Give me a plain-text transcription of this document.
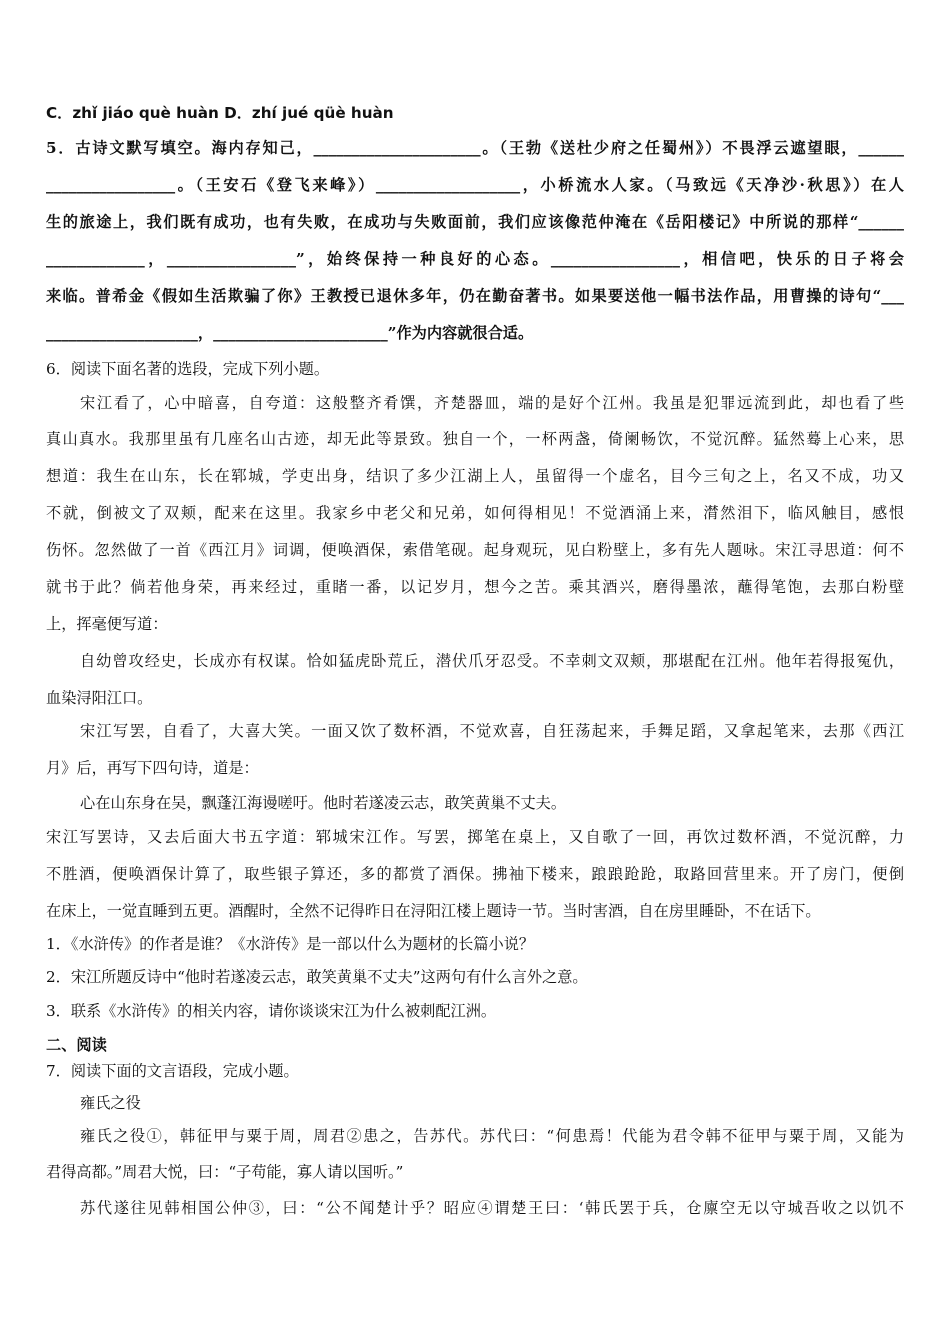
C．zhǐ jiáo què huàn D．zhí jué qüè huàn
5．古诗文默写填空。海内存知己，______________________。（王勃《送杜少府之任蜀州》）不畏浮云遮望眼，______
_________________。（王安石《登飞来峰》）___________________，小桥流水人家。（马致远《天净沙·秋思》）在人
生的旅途上，我们既有成功，也有失败，在成功与失败面前，我们应该像范仲淹在《岳阳楼记》中所说的那样“______
_____________，_________________”，始终保持一种良好的心态。_________________，相信吧，快乐的日子将会
来临。普希金《假如生活欺骗了你》王教授已退休多年，仍在勤奋著书。如果要送他一幅书法作品，用曹操的诗句“___
____________________，_______________________”作为内容就很合适。
6．阅读下面名著的选段，完成下列小题。
宋江看了，心中暗喜，自夸道：这般整齐肴馔，齐楚器皿，端的是好个江州。我虽是犯罪远流到此，却也看了些
真山真水。我那里虽有几座名山古迹，却无此等景致。独自一个，一杯两盏，倚阑畅饮，不觉沉醉。猛然蓦上心来，思
想道：我生在山东，长在郓城，学吏出身，结识了多少江湖上人，虽留得一个虚名，目今三旬之上，名又不成，功又
不就，倒被文了双颊，配来在这里。我家乡中老父和兄弟，如何得相见！不觉酒涌上来，潸然泪下，临风触目，感恨
伤怀。忽然做了一首《西江月》词调，便唤酒保，索借笔砚。起身观玩，见白粉壁上，多有先人题咏。宋江寻思道：何不
就书于此？倘若他身荣，再来经过，重睹一番，以记岁月，想今之苦。乘其酒兴，磨得墨浓，蘸得笔饱，去那白粉壁
上，挥毫便写道：
自幼曾攻经史，长成亦有权谋。恰如猛虎卧荒丘，潜伏爪牙忍受。不幸刺文双颊，那堪配在江州。他年若得报冤仇，
血染浔阳江口。
宋江写罢，自看了，大喜大笑。一面又饮了数杯酒，不觉欢喜，自狂荡起来，手舞足蹈，又拿起笔来，去那《西江
月》后，再写下四句诗，道是：
心在山东身在吴，飘蓬江海谩嗟吁。他时若遂凌云志，敢笑黄巢不丈夫。
宋江写罢诗，又去后面大书五字道：郓城宋江作。写罢，掷笔在桌上，又自歌了一回，再饮过数杯酒，不觉沉醉，力
不胜酒，便唤酒保计算了，取些银子算还，多的都赏了酒保。拂袖下楼来，踉踉跄跄，取路回营里来。开了房门，便倒
在床上，一觉直睡到五更。酒醒时，全然不记得昨日在浔阳江楼上题诗一节。当时害酒，自在房里睡卧，不在话下。
1．《水浒传》的作者是谁？《水浒传》是一部以什么为题材的长篇小说？
2．宋江所题反诗中“他时若遂凌云志，敢笑黄巢不丈夫”这两句有什么言外之意。
3．联系《水浒传》的相关内容，请你谈谈宋江为什么被刺配江洲。
二、阅读
7．阅读下面的文言语段，完成小题。
雍氏之役
雍氏之役①，韩征甲与粟于周，周君②患之，告苏代。苏代曰：“何患焉！代能为君令韩不征甲与粟于周，又能为
君得高都。”周君大悦，曰：“子苟能，寡人请以国听。”
苏代遂往见韩相国公仲③，曰：“公不闻楚计乎？昭应④谓楚王曰：‘韩氏罢于兵，仓廪空无以守城吾收之以饥不
